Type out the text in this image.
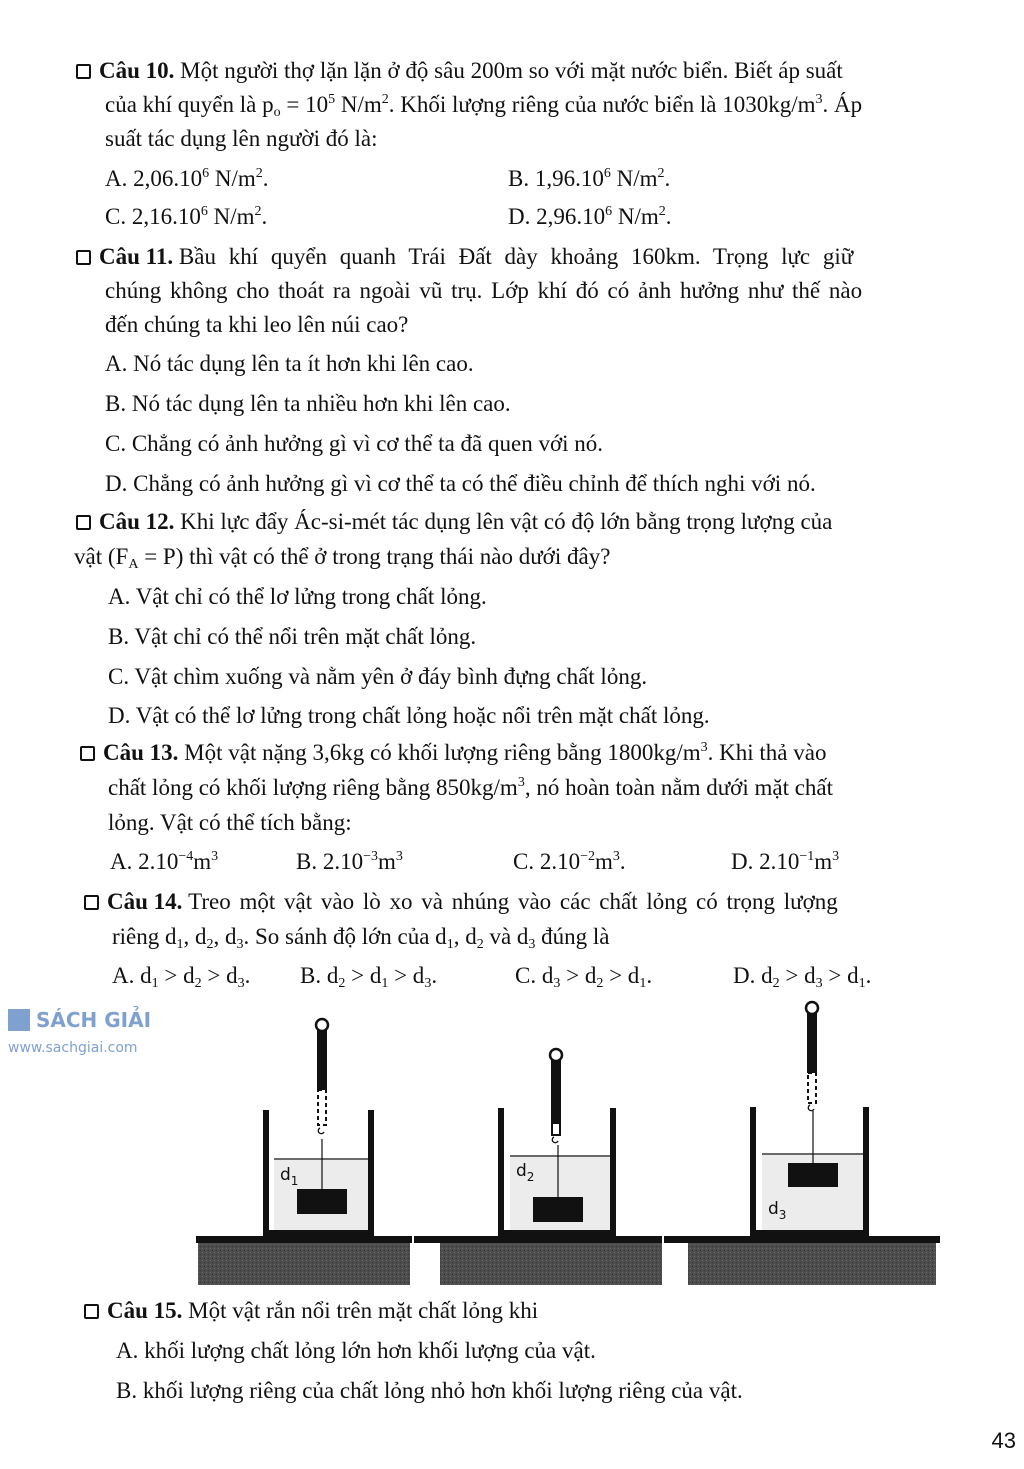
Câu 10. Một người thợ lặn lặn ở độ sâu 200m so với mặt nước biển. Biết áp suất
của khí quyển là $p_o = 10^5$ $N/m^2$. Khối lượng riêng của nước biển là $1030kg/m^3$. Áp
suất tác dụng lên người đó là:
A. 2,06.10$^6$ $N/m^2$.	B. 1,96.10$^6$ $N/m^2$.
C. 2,16.10$^6$ $N/m^2$.	D. 2,96.10$^6$ $N/m^2$.
Câu 11. Bầu khí quyển quanh Trái Đất dày khoảng 160km. Trọng lực giữ
chúng không cho thoát ra ngoài vũ trụ. Lớp khí đó có ảnh hưởng như thế nào
đến chúng ta khi leo lên núi cao?
A. Nó tác dụng lên ta ít hơn khi lên cao.
B. Nó tác dụng lên ta nhiều hơn khi lên cao.
C. Chẳng có ảnh hưởng gì vì cơ thể ta đã quen với nó.
D. Chẳng có ảnh hưởng gì vì cơ thể ta có thể điều chỉnh để thích nghi với nó.
Câu 12. Khi lực đẩy Ác-si-mét tác dụng lên vật có độ lớn bằng trọng lượng của
vật $(F_A = P)$ thì vật có thể ở trong trạng thái nào dưới đây?
A. Vật chỉ có thể lơ lửng trong chất lỏng.
B. Vật chỉ có thể nổi trên mặt chất lỏng.
C. Vật chìm xuống và nằm yên ở đáy bình đựng chất lỏng.
D. Vật có thể lơ lửng trong chất lỏng hoặc nổi trên mặt chất lỏng.
Câu 13. Một vật nặng 3,6kg có khối lượng riêng bằng $1800kg/m^3$. Khi thả vào
chất lỏng có khối lượng riêng bằng $850kg/m^3$, nó hoàn toàn nằm dưới mặt chất
lỏng. Vật có thể tích bằng:
A. $2.10^{-4}m^3$	B. $2.10^{-3}m^3$	C. $2.10^{-2}m^3$.	D. $2.10^{-1}m^3$
Câu 14. Treo một vật vào lò xo và nhúng vào các chất lỏng có trọng lượng
riêng $d_1$, $d_2$, $d_3$. So sánh độ lớn của $d_1$, $d_2$ và $d_3$ đúng là
A. $d_1 > d_2 > d_3$. B. $d_2 > d_1 > d_3$.	C. $d_3 > d_2 > d_1$.	D. $d_2 > d_3 > d_1$.
$d_1$	$d_2$
$d_3$
Câu 15. Một vật rắn nổi trên mặt chất lỏng khi
A. khối lượng chất lỏng lớn hơn khối lượng của vật.
B. khối lượng riêng của chất lỏng nhỏ hơn khối lượng riêng của vật.
SÁCH GIẢI
www.sachgiai.com
43
